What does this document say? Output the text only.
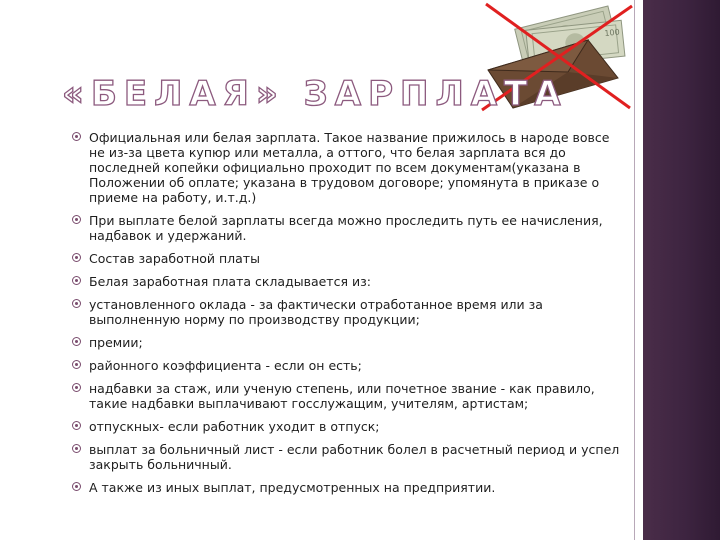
100
«БЕЛАЯ» ЗАРПЛАТА
Официальная или белая зарплата. Такое название прижилось в народе вовсе не из-за цвета купюр или металла, а оттого, что белая зарплата вся до последней копейки официально проходит по всем документам(указана в Положении об оплате; указана в трудовом договоре; упомянута в приказе о приеме на работу, и.т.д.)
При выплате белой зарплаты всегда можно проследить путь ее начисления, надбавок и удержаний.
Состав заработной платы
Белая заработная плата складывается из:
установленного оклада - за фактически отработанное время или за выполненную норму по производству продукции;
премии;
районного коэффициента - если он есть;
надбавки за стаж, или ученую степень, или почетное звание - как правило, такие надбавки выплачивают госслужащим, учителям, артистам;
отпускных- если работник уходит в отпуск;
выплат за больничный лист - если работник болел в расчетный период и успел закрыть больничный.
А также из иных выплат, предусмотренных на предприятии.
